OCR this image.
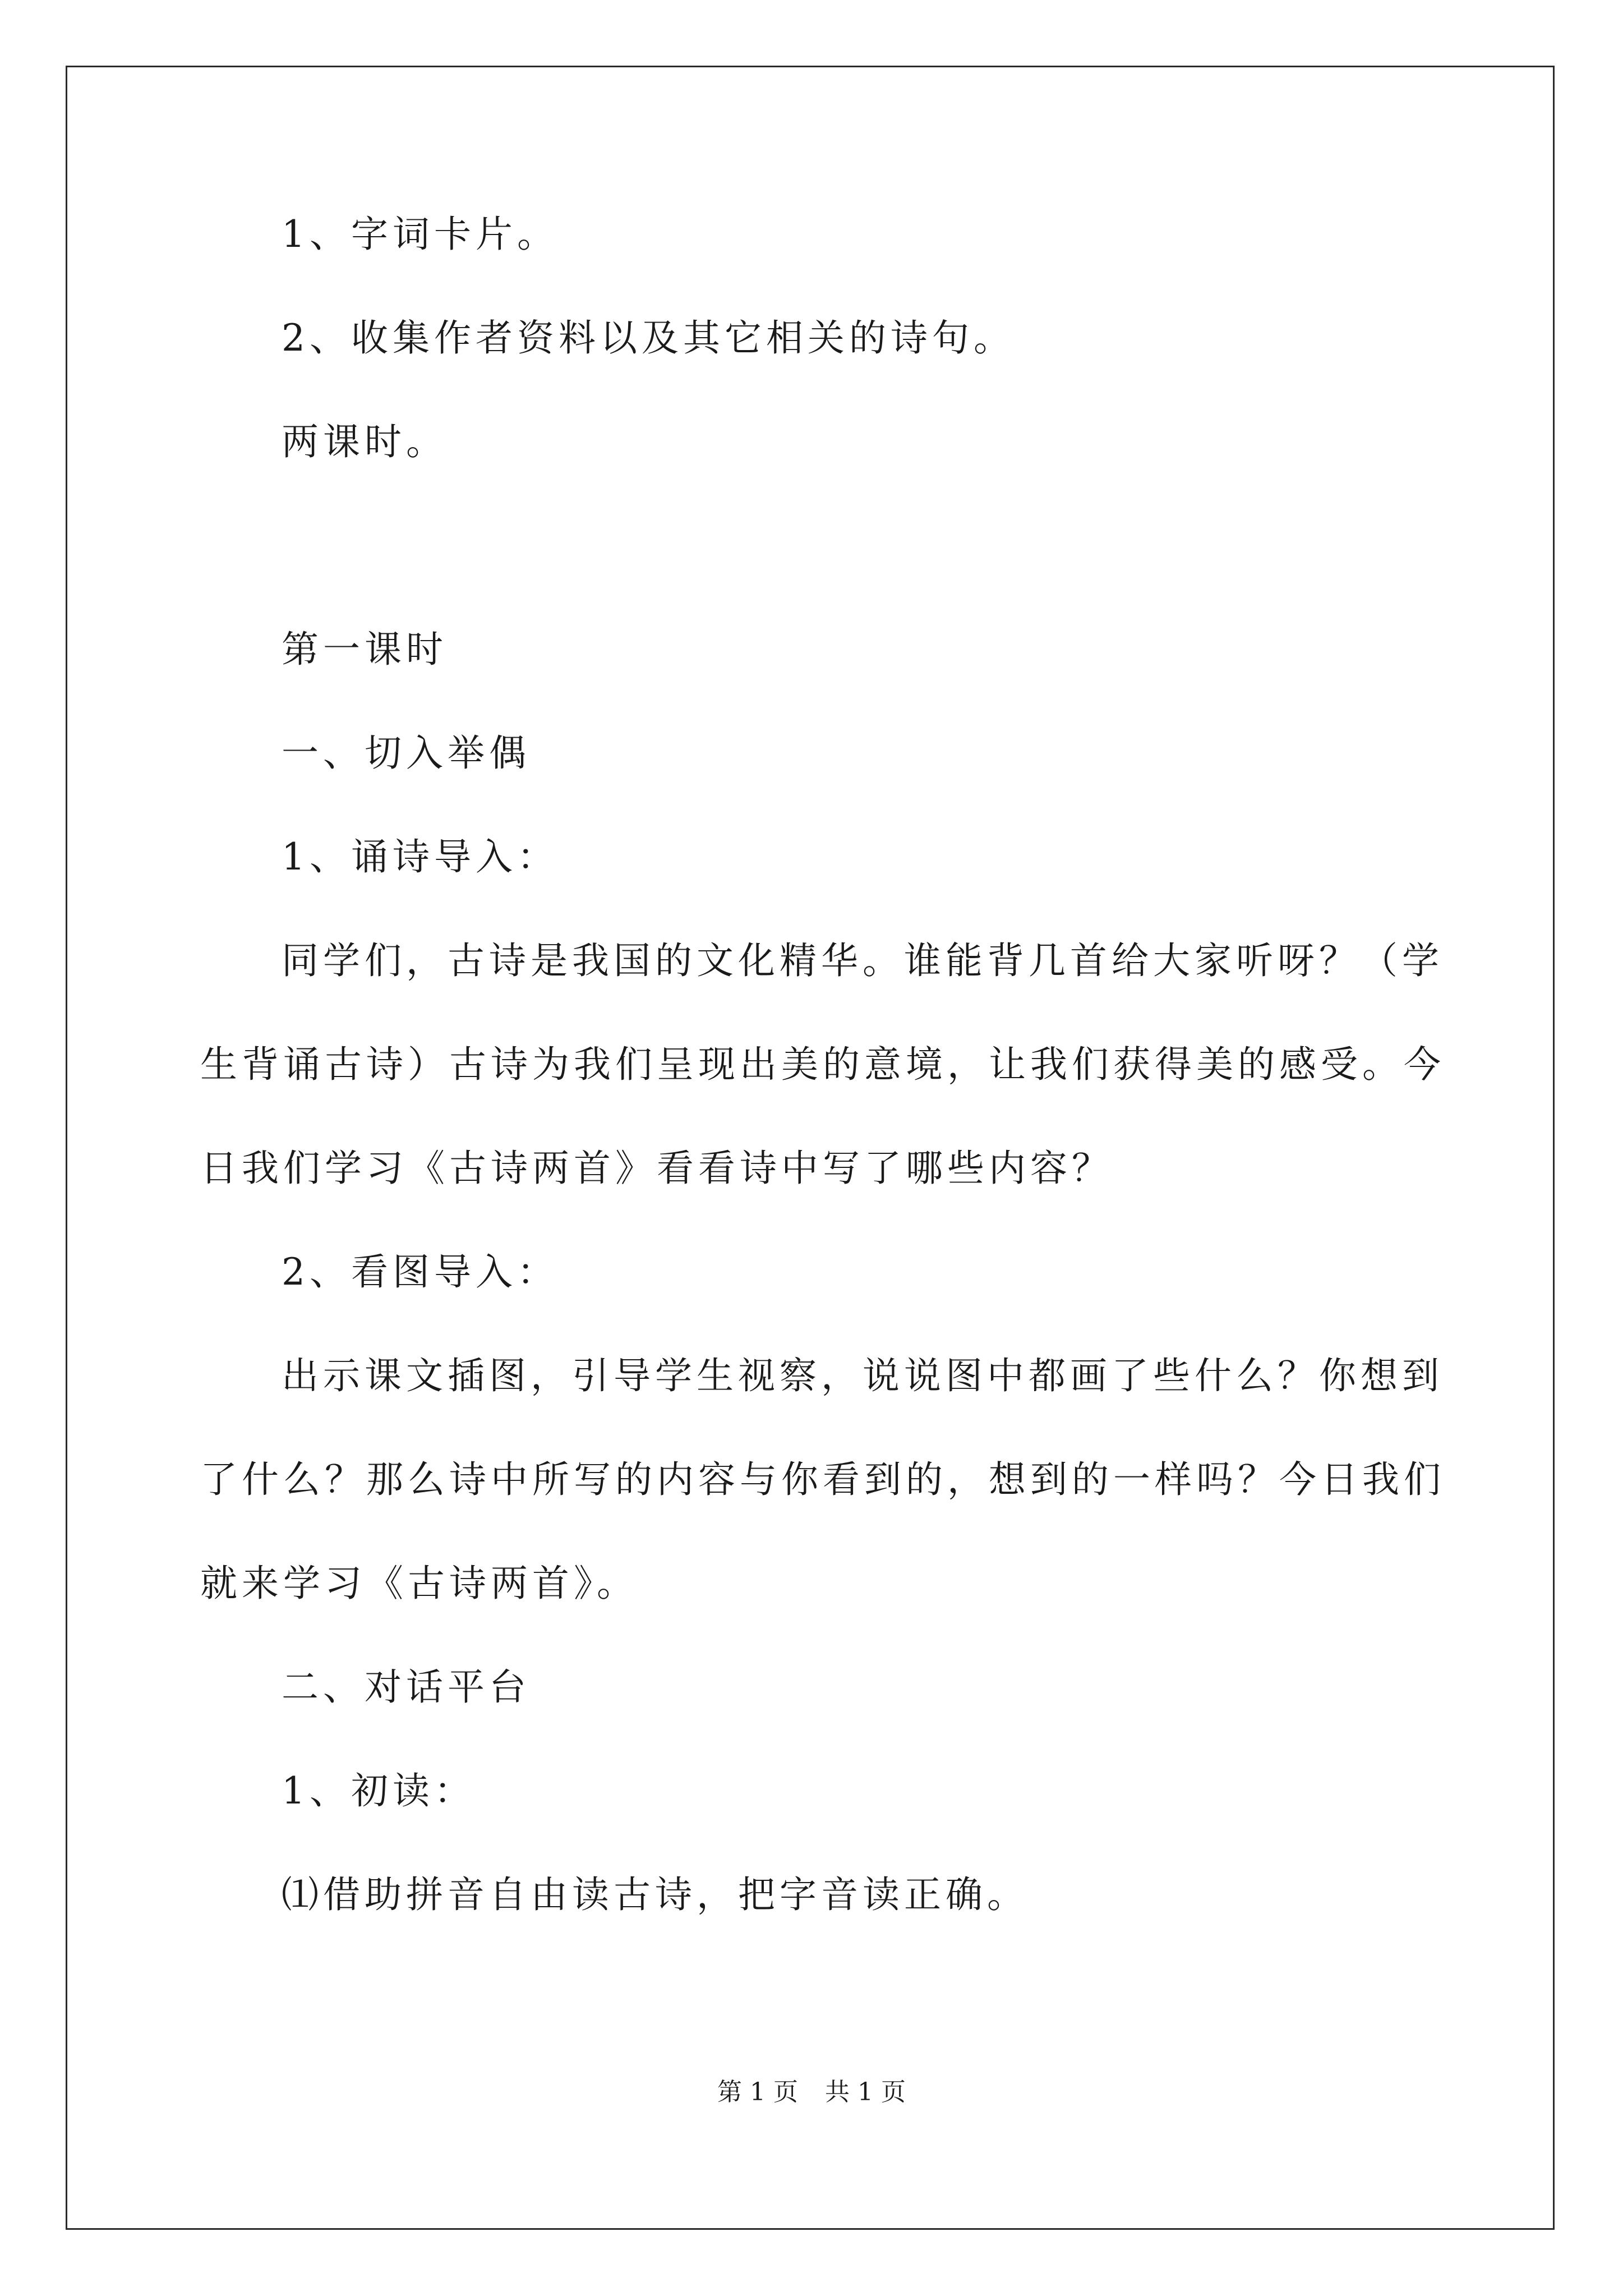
1、字词卡片。
2、收集作者资料以及其它相关的诗句。
两课时。
第一课时
一、切入举偶
1、诵诗导入：
同学们，古诗是我国的文化精华。谁能背几首给大家听呀？（学
生背诵古诗）古诗为我们呈现出美的意境，让我们获得美的感受。今
日我们学习《古诗两首》看看诗中写了哪些内容？
2、看图导入：
出示课文插图，引导学生视察，说说图中都画了些什么？你想到
了什么？那么诗中所写的内容与你看到的，想到的一样吗？今日我们
就来学习《古诗两首》。
二、对话平台
1、初读：
⑴借助拼音自由读古诗，把字音读正确。
第 1 页 共 1 页
